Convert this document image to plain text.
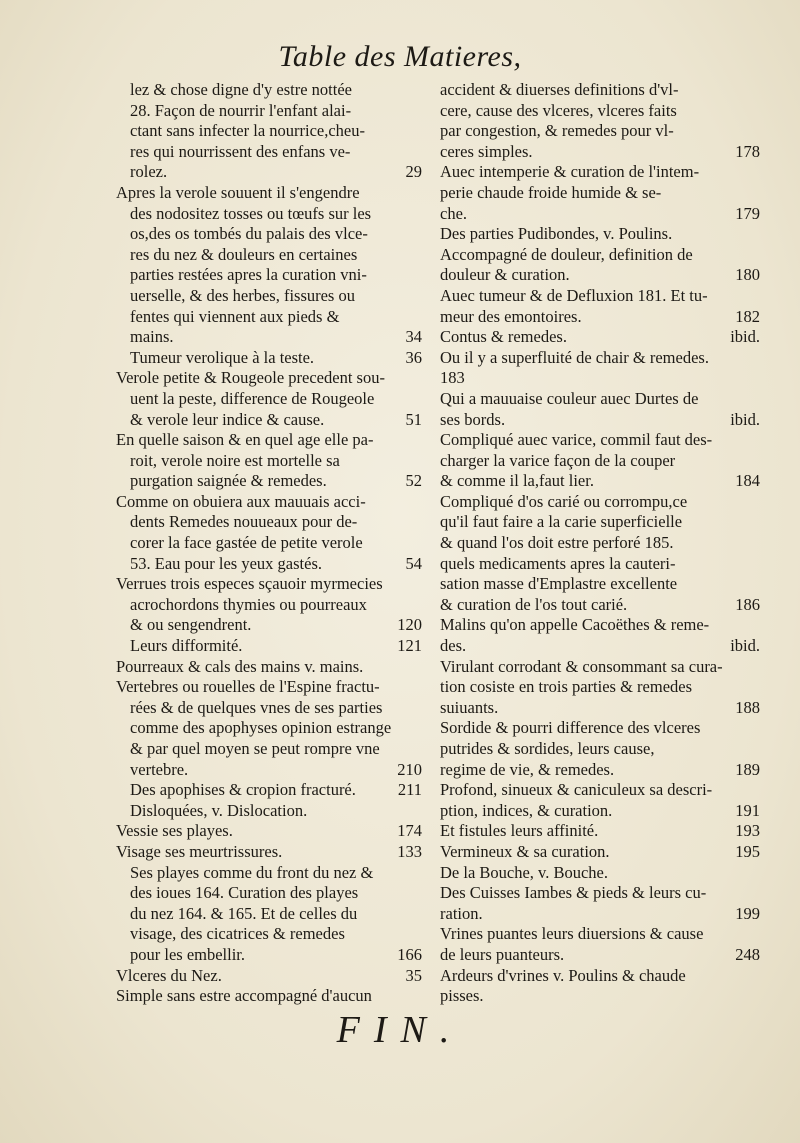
Table des Matieres,
lez & chose digne d'y estre nottée
28. Façon de nourrir l'enfant alai-
ctant sans infecter la nourrice,cheu-
res qui nourrissent des enfans ve-
rolez.	29
Apres la verole souuent il s'engendre
des nodositez tosses ou tœufs sur les
os,des os tombés du palais des vlce-
res du nez & douleurs en certaines
parties restées apres la curation vni-
uerselle, & des herbes, fissures ou
fentes qui viennent aux pieds &
mains.	34
Tumeur verolique à la teste.	36
Verole petite & Rougeole precedent sou-
uent la peste, difference de Rougeole
& verole leur indice & cause.	51
En quelle saison & en quel age elle pa-
roit, verole noire est mortelle sa
purgation saignée & remedes.	52
Comme on obuiera aux mauuais acci-
dents Remedes nouueaux pour de-
corer la face gastée de petite verole
53. Eau pour les yeux gastés.	54
Verrues trois especes sçauoir myrmecies
acrochordons thymies ou pourreaux
& ou sengendrent.	120
Leurs difformité.	121
Pourreaux & cals des mains v. mains.
Vertebres ou rouelles de l'Espine fractu-
rées & de quelques vnes de ses parties
comme des apophyses opinion estrange
& par quel moyen se peut rompre vne
vertebre.	210
Des apophises & cropion fracturé.	211
Disloquées, v. Dislocation.
Vessie ses playes.	174
Visage ses meurtrissures.	133
Ses playes comme du front du nez &
des ioues 164. Curation des playes
du nez 164. & 165. Et de celles du
visage, des cicatrices & remedes
pour les embellir.	166
Vlceres du Nez.	35
Simple sans estre accompagné d'aucun
accident & diuerses definitions d'vl-
cere, cause des vlceres, vlceres faits
par congestion, & remedes pour vl-
ceres simples.	178
Auec intemperie & curation de l'intem-
perie chaude froide humide & se-
che.	179
Des parties Pudibondes, v. Poulins.
Accompagné de douleur, definition de
douleur & curation.	180
Auec tumeur & de Defluxion 181. Et tu-
meur des emontoires.	182
Contus & remedes.	ibid.
Ou il y a superfluité de chair & remedes.
183
Qui a mauuaise couleur auec Durtes de
ses bords.	ibid.
Compliqué auec varice, commil faut des-
charger la varice façon de la couper
& comme il la,faut lier.	184
Compliqué d'os carié ou corrompu,ce
qu'il faut faire a la carie superficielle
& quand l'os doit estre perforé 185.
quels medicaments apres la cauteri-
sation masse d'Emplastre excellente
& curation de l'os tout carié.	186
Malins qu'on appelle Cacoëthes & reme-
des.	ibid.
Virulant corrodant & consommant sa cura-
tion cosiste en trois parties & remedes
suiuants.	188
Sordide & pourri difference des vlceres
putrides & sordides, leurs cause,
regime de vie, & remedes.	189
Profond, sinueux & caniculeux sa descri-
ption, indices, & curation.	191
Et fistules leurs affinité.	193
Vermineux & sa curation.	195
De la Bouche, v. Bouche.
Des Cuisses Iambes & pieds & leurs cu-
ration.	199
Vrines puantes leurs diuersions & cause
de leurs puanteurs.	248
Ardeurs d'vrines v. Poulins & chaude
pisses.
FIN.
